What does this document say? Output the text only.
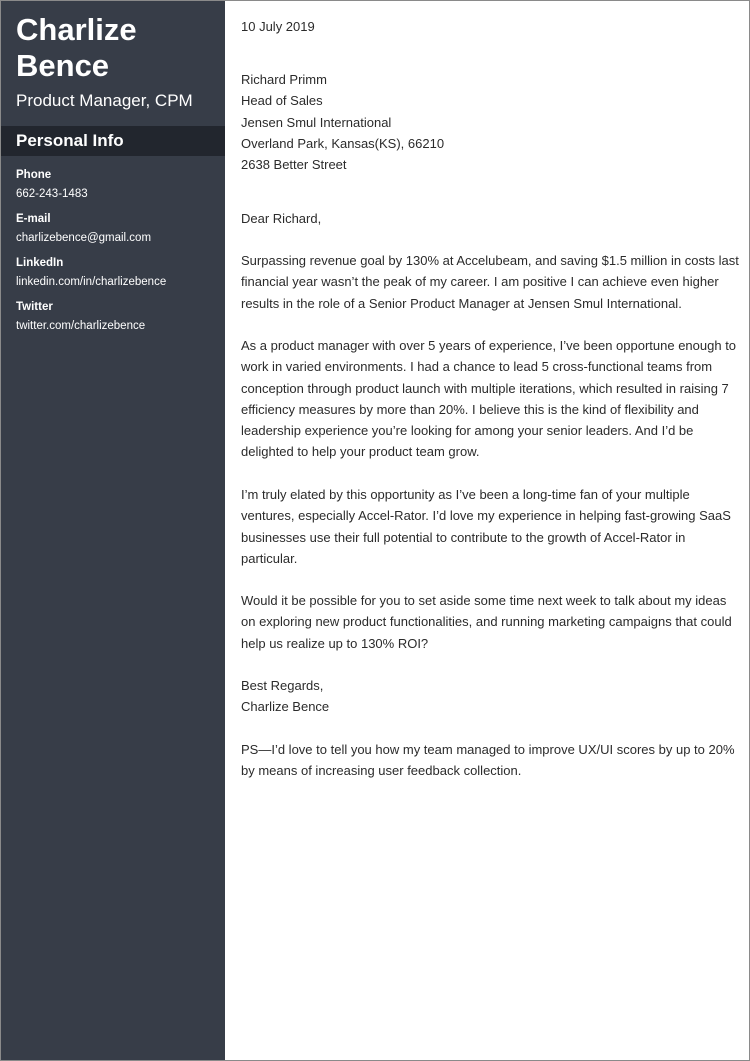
Charlize
Bence
Product Manager, CPM
Personal Info
Phone
662-243-1483
E-mail
charlizebence@gmail.com
LinkedIn
linkedin.com/in/charlizebence
Twitter
twitter.com/charlizebence

10 July 2019

Richard Primm
Head of Sales
Jensen Smul International
Overland Park, Kansas(KS), 66210
2638 Better Street

Dear Richard,

Surpassing revenue goal by 130% at Accelubeam, and saving $1.5 million in costs last financial year wasn’t the peak of my career. I am positive I can achieve even higher results in the role of a Senior Product Manager at Jensen Smul International.

As a product manager with over 5 years of experience, I’ve been opportune enough to work in varied environments. I had a chance to lead 5 cross-functional teams from conception through product launch with multiple iterations, which resulted in raising 7 efficiency measures by more than 20%. I believe this is the kind of flexibility and leadership experience you’re looking for among your senior leaders. And I’d be delighted to help your product team grow.

I’m truly elated by this opportunity as I’ve been a long-time fan of your multiple ventures, especially Accel-Rator. I’d love my experience in helping fast-growing SaaS businesses use their full potential to contribute to the growth of Accel-Rator in particular.

Would it be possible for you to set aside some time next week to talk about my ideas on exploring new product functionalities, and running marketing campaigns that could help us realize up to 130% ROI?

Best Regards,
Charlize Bence

PS—I’d love to tell you how my team managed to improve UX/UI scores by up to 20% by means of increasing user feedback collection.
